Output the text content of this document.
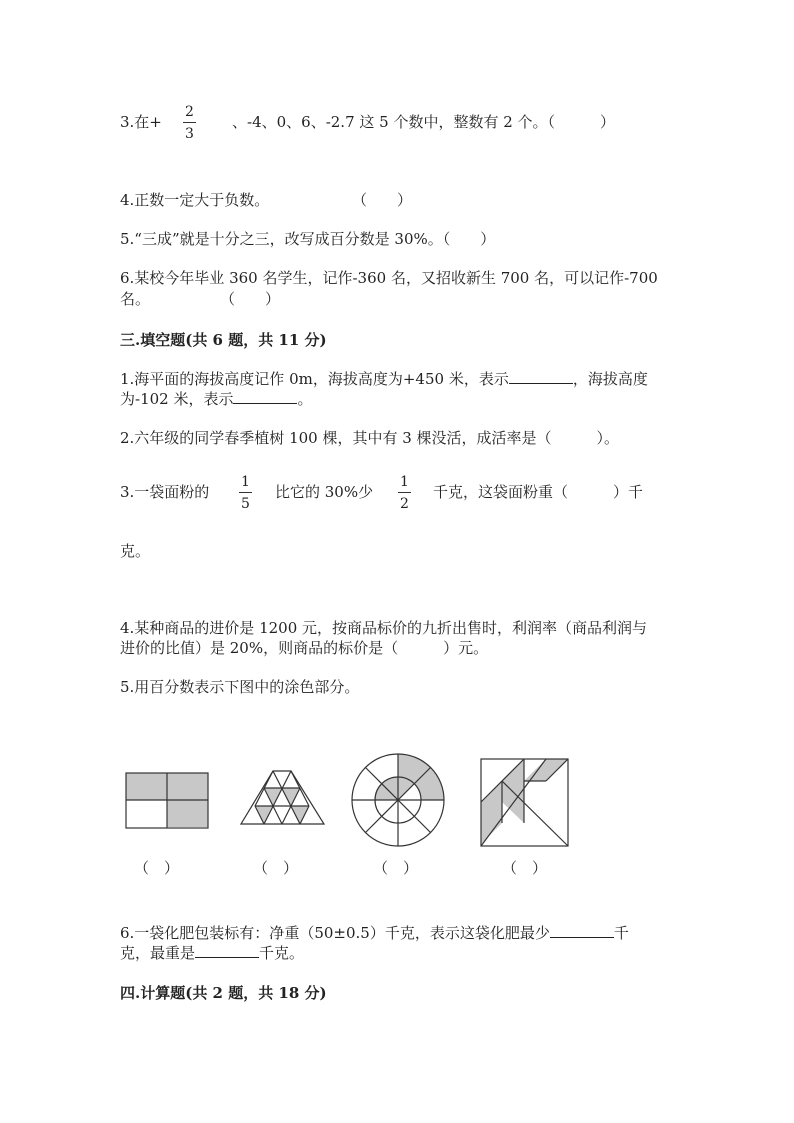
3.在+
2
3
、-4、0、6、-2.7 这 5 个数中，整数有 2 个。（　　　）
4.正数一定大于负数。	（　　）
5.“三成”就是十分之三，改写成百分数是 30%。（　　）
6.某校今年毕业 360 名学生，记作-360 名，又招收新生 700 名，可以记作-700
名。	（　　）
三.填空题(共 6 题，共 11 分)
1.海平面的海拔高度记作 0m，海拔高度为+450 米，表示	，海拔高度
为-102 米，表示	。
2.六年级的同学春季植树 100 棵，其中有 3 棵没活，成活率是（　　　）。
3.一袋面粉的
1
5
比它的 30%少
1
2
千克，这袋面粉重（　　　）千
克。
4.某种商品的进价是 1200 元，按商品标价的九折出售时，利润率（商品利润与
进价的比值）是 20%，则商品的标价是（　　　）元。
5.用百分数表示下图中的涂色部分。
（　）	（　）	（　）	（　）
6.一袋化肥包装标有：净重（50±0.5）千克，表示这袋化肥最少	千
克，最重是	千克。
四.计算题(共 2 题，共 18 分)
